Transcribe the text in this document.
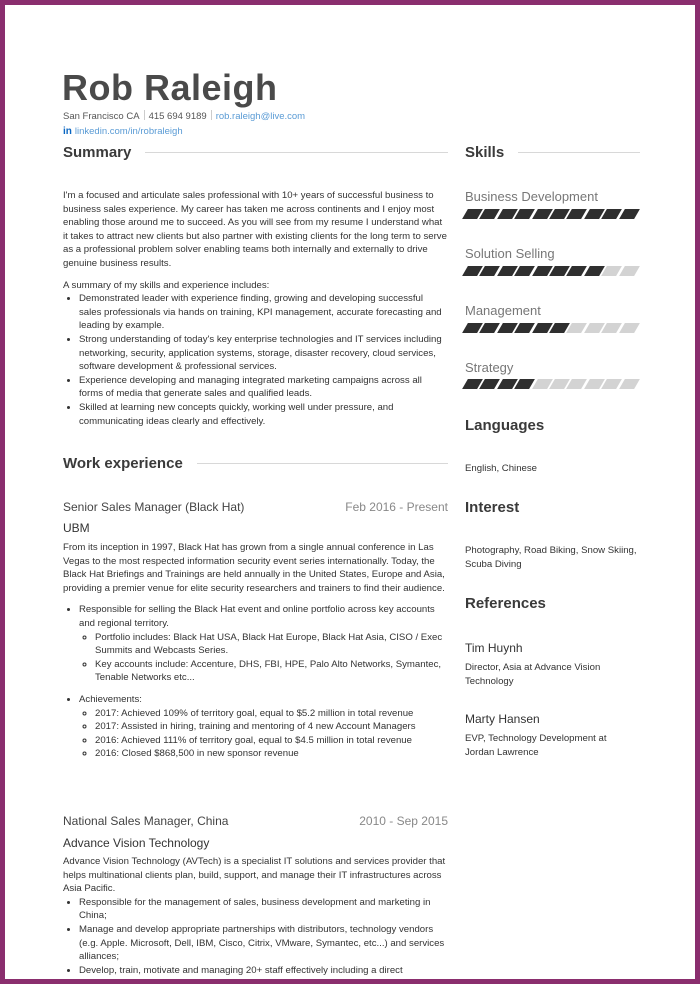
Rob Raleigh
San Francisco CA 415 694 9189 rob.raleigh@live.com
in linkedin.com/in/robraleigh
Summary

I'm a focused and articulate sales professional with 10+ years of successful business to business sales experience. My career has taken me across continents and I enjoy most enabling those around me to succeed. As you will see from my resume I understand what it takes to attract new clients but also partner with existing clients for the long term to serve as a professional problem solver enabling teams both internally and externally to drive genuine business results.

A summary of my skills and experience includes:

• Demonstrated leader with experience finding, growing and developing successful sales professionals via hands on training, KPI management, accurate forecasting and leading by example.
• Strong understanding of today's key enterprise technologies and IT services including networking, security, application systems, storage, disaster recovery, cloud services, software development & professional services.
• Experience developing and managing integrated marketing campaigns across all forms of media that generate sales and qualified leads.
• Skilled at learning new concepts quickly, working well under pressure, and communicating ideas clearly and effectively.
Work experience
Senior Sales Manager (Black Hat)	Feb 2016 - Present
UBM

From its inception in 1997, Black Hat has grown from a single annual conference in Las Vegas to the most respected information security event series internationally. Today, the Black Hat Briefings and Trainings are held annually in the United States, Europe and Asia, providing a premier venue for elite security researchers and trainers to find their audience.

• Responsible for selling the Black Hat event and online portfolio across key accounts and regional territory.
◦ Portfolio includes: Black Hat USA, Black Hat Europe, Black Hat Asia, CISO / Exec Summits and Webcasts Series.
◦ Key accounts include: Accenture, DHS, FBI, HPE, Palo Alto Networks, Symantec, Tenable Networks etc...
• Achievements:
◦ 2017: Achieved 109% of territory goal, equal to $5.2 million in total revenue
◦ 2017: Assisted in hiring, training and mentoring of 4 new Account Managers
◦ 2016: Achieved 111% of territory goal, equal to $4.5 million in total revenue
◦ 2016: Closed $868,500 in new sponsor revenue
National Sales Manager, China	2010 - Sep 2015
Advance Vision Technology

Advance Vision Technology (AVTech) is a specialist IT solutions and services provider that helps multinational clients plan, build, support, and manage their IT infrastructures across Asia Pacific.

• Responsible for the management of sales, business development and marketing in China;
• Manage and develop appropriate partnerships with distributors, technology vendors (e.g. Apple. Microsoft, Dell, IBM, Cisco, Citrix, VMware, Symantec, etc...) and services alliances;
• Develop, train, motivate and managing 20+ staff effectively including a direct
Skills
Business Development
Solution Selling
Management
Strategy
Languages
English, Chinese
Interest
Photography, Road Biking, Snow Skiing, Scuba Diving
References
Tim Huynh
Director, Asia at Advance Vision Technology
Marty Hansen
EVP, Technology Development at Jordan Lawrence
